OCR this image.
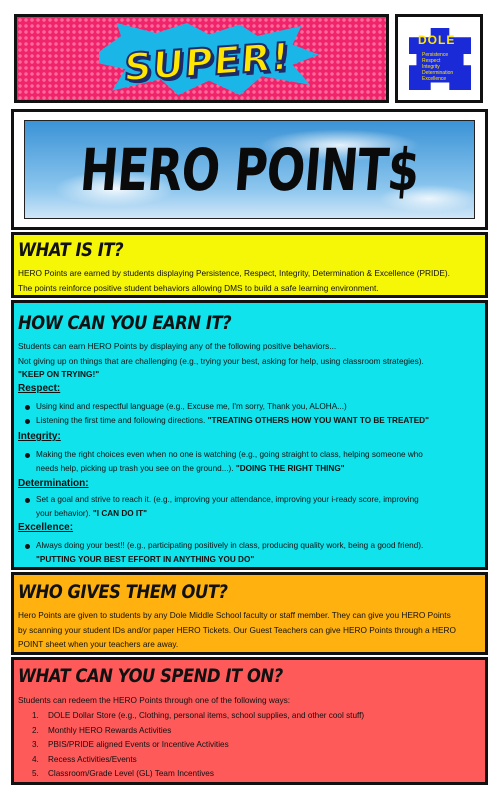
SUPER!	DOLE
Persistence
Respect
Integrity
Determination
Excellence
HERO POINT$
WHAT IS IT?
HERO Points are earned by students displaying Persistence, Respect, Integrity, Determination & Excellence (PRIDE).
The points reinforce positive student behaviors allowing DMS to build a safe learning environment.
HOW CAN YOU EARN IT?
Students can earn HERO Points by displaying any of the following positive behaviors...
Not giving up on things that are challenging (e.g., trying your best, asking for help, using classroom strategies).
"KEEP ON TRYING!"
Respect:
Using kind and respectful language (e.g., Excuse me, I'm sorry, Thank you, ALOHA...)
Listening the first time and following directions. "TREATING OTHERS HOW YOU WANT TO BE TREATED"
Integrity:
Making the right choices even when no one is watching (e.g., going straight to class, helping someone who
needs help, picking up trash you see on the ground...). "DOING THE RIGHT THING"
Determination:
Set a goal and strive to reach it. (e.g., improving your attendance, improving your i-ready score, improving
your behavior). "I CAN DO IT"
Excellence:
Always doing your best!! (e.g., participating positively in class, producing quality work, being a good friend).
"PUTTING YOUR BEST EFFORT IN ANYTHING YOU DO"
WHO GIVES THEM OUT?
Hero Points are given to students by any Dole Middle School faculty or staff member. They can give you HERO Points
by scanning your student IDs and/or paper HERO Tickets. Our Guest Teachers can give HERO Points through a HERO
POINT sheet when your teachers are away.
WHAT CAN YOU SPEND IT ON?
Students can redeem the HERO Points through one of the following ways:
1. DOLE Dollar Store (e.g., Clothing, personal items, school supplies, and other cool stuff)
2. Monthly HERO Rewards Activities
3. PBIS/PRIDE aligned Events or Incentive Activities
4. Recess Activities/Events
5. Classroom/Grade Level (GL) Team Incentives
